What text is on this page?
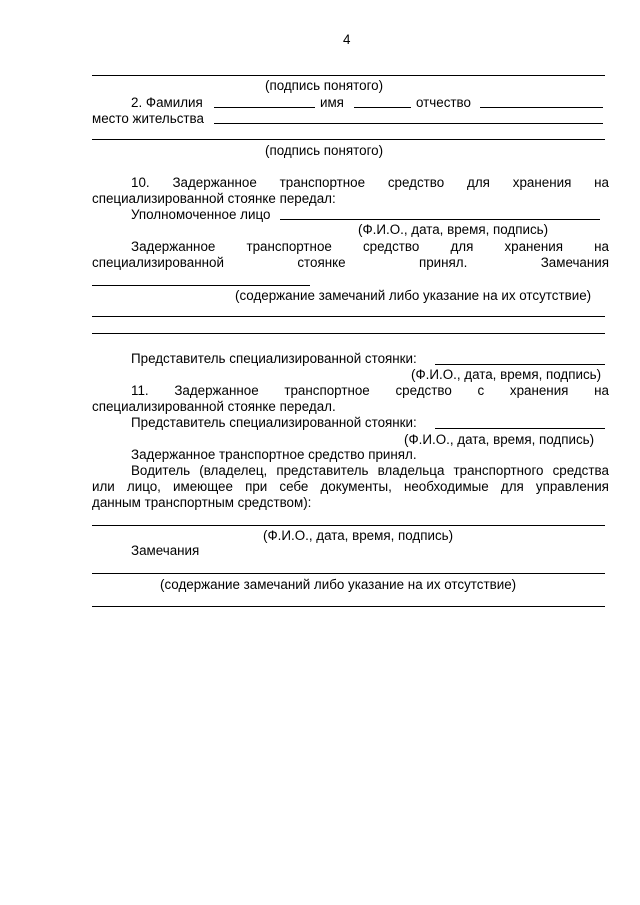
4
(подпись понятого)
2. Фамилия	имя	отчество
место жительства
(подпись понятого)
10. Задержанное транспортное средство для хранения на
специализированной стоянке передал:
Уполномоченное лицо
(Ф.И.О., дата, время, подпись)
Задержанное транспортное средство для хранения на
специализированной	стоянке	принял.	Замечания
(содержание замечаний либо указание на их отсутствие)
Представитель специализированной стоянки:
(Ф.И.О., дата, время, подпись)
11. Задержанное транспортное средство с хранения на
специализированной стоянке передал.
Представитель специализированной стоянки:
(Ф.И.О., дата, время, подпись)
Задержанное транспортное средство принял.
Водитель (владелец, представитель владельца транспортного средства
или лицо, имеющее при себе документы, необходимые для управления
данным транспортным средством):
(Ф.И.О., дата, время, подпись)
Замечания
(содержание замечаний либо указание на их отсутствие)
